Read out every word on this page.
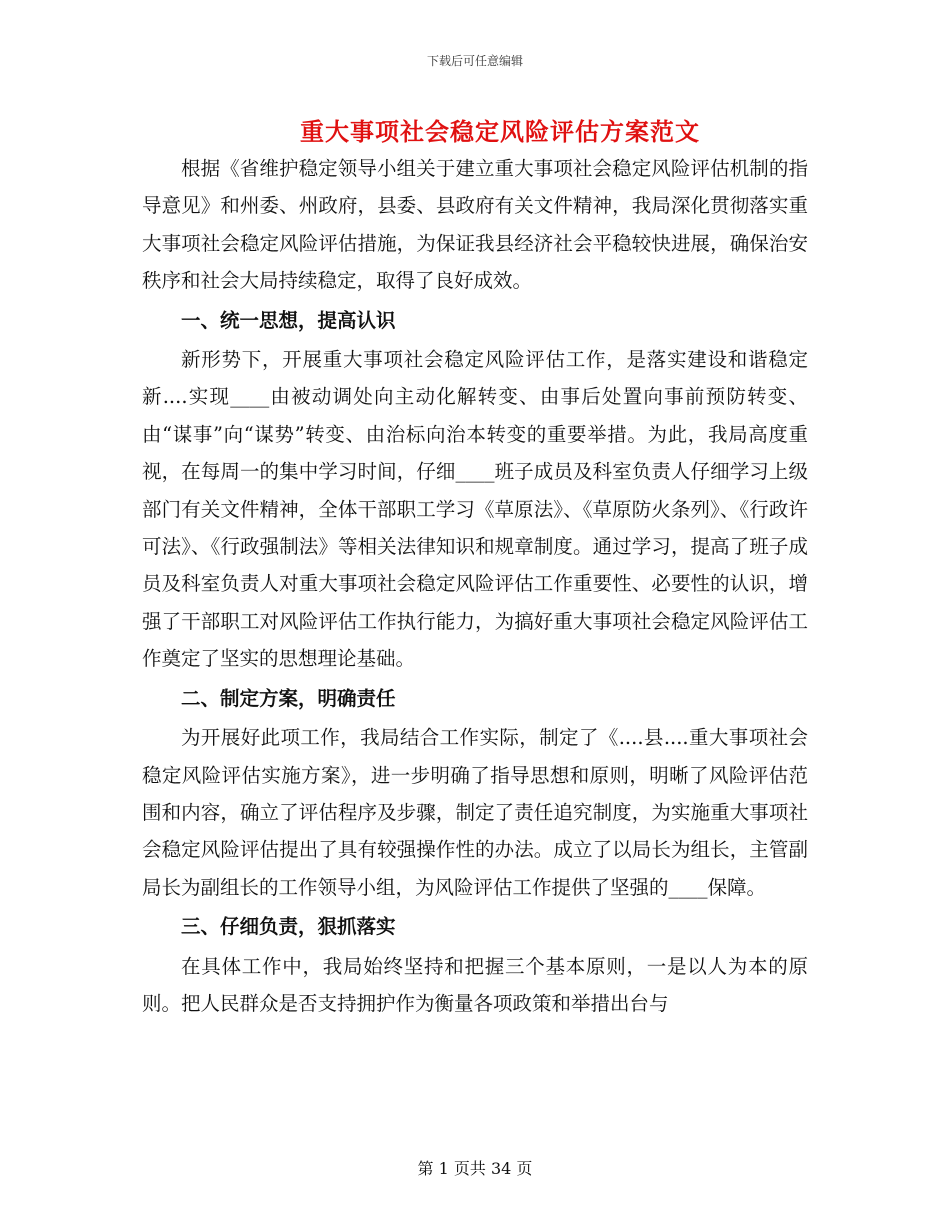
下载后可任意编辑
重大事项社会稳定风险评估方案范文

根据《省维护稳定领导小组关于建立重大事项社会稳定风险评估机制的指导意见》和州委、州政府，县委、县政府有关文件精神，我局深化贯彻落实重大事项社会稳定风险评估措施，为保证我县经济社会平稳较快进展，确保治安秩序和社会大局持续稳定，取得了良好成效。

一、统一思想，提高认识

新形势下，开展重大事项社会稳定风险评估工作，是落实建设和谐稳定新....实现____由被动调处向主动化解转变、由事后处置向事前预防转变、由“谋事”向“谋势”转变、由治标向治本转变的重要举措。为此，我局高度重视，在每周一的集中学习时间，仔细____班子成员及科室负责人仔细学习上级部门有关文件精神，全体干部职工学习《草原法》、《草原防火条列》、《行政许可法》、《行政强制法》等相关法律知识和规章制度。通过学习，提高了班子成员及科室负责人对重大事项社会稳定风险评估工作重要性、必要性的认识，增强了干部职工对风险评估工作执行能力，为搞好重大事项社会稳定风险评估工作奠定了坚实的思想理论基础。

二、制定方案，明确责任

为开展好此项工作，我局结合工作实际，制定了《....县....重大事项社会稳定风险评估实施方案》，进一步明确了指导思想和原则，明晰了风险评估范围和内容，确立了评估程序及步骤，制定了责任追究制度，为实施重大事项社会稳定风险评估提出了具有较强操作性的办法。成立了以局长为组长，主管副局长为副组长的工作领导小组，为风险评估工作提供了坚强的____保障。

三、仔细负责，狠抓落实

在具体工作中，我局始终坚持和把握三个基本原则，一是以人为本的原则。把人民群众是否支持拥护作为衡量各项政策和举措出台与

第 1 页共 34 页
